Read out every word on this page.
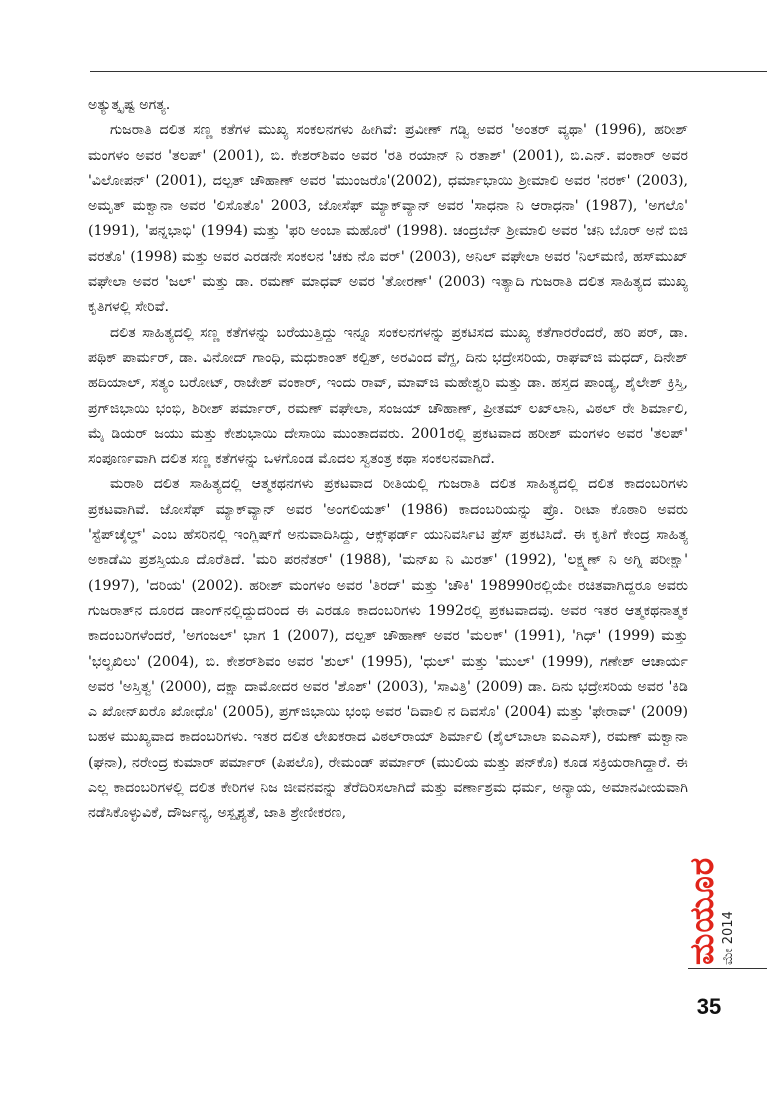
ಅತ್ಯುತ್ಕೃಷ್ಟ ಅಗತ್ಯ.

ಗುಜರಾತಿ ದಲಿತ ಸಣ್ಣ ಕತೆಗಳ ಮುಖ್ಯ ಸಂಕಲನಗಳು ಹೀಗಿವೆ: ಪ್ರವೀಣ್ ಗಡ್ವಿ ಅವರ 'ಅಂತರ್ ವ್ಯಥಾ' (1996), ಹರೀಶ್ ಮಂಗಳಂ ಅವರ 'ತಲಪ್' (2001), ಬಿ. ಕೇಶರ್‌ಶಿವಂ ಅವರ 'ರತಿ ರಯಾನ್ ನಿ ರತಾಶ್' (2001), ಬಿ.ಎನ್. ವಂಕಾರ್ ಅವರ 'ವಿಲೋಪನ್' (2001), ದಲ್ಪತ್ ಚೌಹಾಣ್ ಅವರ 'ಮುಂಜರೊ'(2002), ಧರ್ಮಾಭಾಯಿ ಶ್ರೀಮಾಲಿ ಅವರ 'ನರಕ್' (2003), ಅಮೃತ್ ಮಕ್ವಾನಾ ಅವರ 'ಲಿಸೊತೊ' 2003, ಜೋಸೆಫ್ ಮ್ಯಾಕ್‌ವ್ಯಾನ್ ಅವರ 'ಸಾಧನಾ ನಿ ಆರಾಧನಾ' (1987), 'ಅಗಲೊ' (1991), 'ಪನ್ನಭಾಭಿ' (1994) ಮತ್ತು 'ಫರಿ ಅಂಬಾ ಮಹೊರೆ' (1998). ಚಂದ್ರಬೆನ್ ಶ್ರೀಮಾಲಿ ಅವರ 'ಚನಿ ಬೊರ್ ಅನೆ ಬಿಜಿ ವರತೊ' (1998) ಮತ್ತು ಅವರ ಎರಡನೇ ಸಂಕಲನ 'ಚಕು ನೊ ವರ್' (2003), ಅನಿಲ್ ವಘೇಲಾ ಅವರ 'ನಿಲ್‌ಮಣಿ, ಹಸ್‌ಮುಖ್ ವಘೇಲಾ ಅವರ 'ಜಲ್' ಮತ್ತು ಡಾ. ರಮಣ್ ಮಾಧವ್ ಅವರ 'ತೋರಣ್' (2003) ಇತ್ಯಾದಿ ಗುಜರಾತಿ ದಲಿತ ಸಾಹಿತ್ಯದ ಮುಖ್ಯ ಕೃತಿಗಳಲ್ಲಿ ಸೇರಿವೆ.

ದಲಿತ ಸಾಹಿತ್ಯದಲ್ಲಿ ಸಣ್ಣ ಕತೆಗಳನ್ನು ಬರೆಯುತ್ತಿದ್ದು ಇನ್ನೂ ಸಂಕಲನಗಳನ್ನು ಪ್ರಕಟಿಸದ ಮುಖ್ಯ ಕತೆಗಾರರೆಂದರೆ, ಹರಿ ಪರ್, ಡಾ. ಪಥಿಕ್ ಪಾರ್ಮರ್, ಡಾ. ವಿನೋದ್ ಗಾಂಧಿ, ಮಧುಕಾಂತ್ ಕಲ್ಪಿತ್, ಅರವಿಂದ ವೆಗ್ದ, ದಿನು ಭದ್ರೇಸರಿಯ, ರಾಘವ್‌ಜಿ ಮಧದ್, ದಿನೇಶ್ ಹದಿಯಾಲ್, ಸತ್ಯಂ ಬರೋಟ್, ರಾಜೇಶ್ ವಂಕಾರ್, ಇಂದು ರಾವ್, ಮಾವ್‌ಜಿ ಮಹೇಶ್ವರಿ ಮತ್ತು ಡಾ. ಹಸ್ತದ ಪಾಂಡ್ಯ, ಶೈಲೇಶ್ ಕ್ರಿಸ್ತಿ, ಪ್ರಗ್‌ಜಿಭಾಯಿ ಭಂಭಿ, ಶಿರೀಶ್ ಪರ್ಮಾರ್, ರಮಣ್ ವಘೇಲಾ, ಸಂಜಯ್ ಚೌಹಾಣ್, ಪ್ರೀತಮ್ ಲಖ್‌ಲಾನಿ, ವಿಠಲ್ ರೇ ಶಿರ್ಮಾಲಿ, ಮೈ ಡಿಯರ್ ಜಯು ಮತ್ತು ಕೇಶುಭಾಯಿ ದೇಸಾಯಿ ಮುಂತಾದವರು. 2001ರಲ್ಲಿ ಪ್ರಕಟವಾದ ಹರೀಶ್ ಮಂಗಳಂ ಅವರ 'ತಲಪ್' ಸಂಪೂರ್ಣವಾಗಿ ದಲಿತ ಸಣ್ಣ ಕತೆಗಳನ್ನು ಒಳಗೊಂಡ ಮೊದಲ ಸ್ವತಂತ್ರ ಕಥಾ ಸಂಕಲನವಾಗಿದೆ.

ಮರಾಠಿ ದಲಿತ ಸಾಹಿತ್ಯದಲ್ಲಿ ಆತ್ಮಕಥನಗಳು ಪ್ರಕಟವಾದ ರೀತಿಯಲ್ಲಿ ಗುಜರಾತಿ ದಲಿತ ಸಾಹಿತ್ಯದಲ್ಲಿ ದಲಿತ ಕಾದಂಬರಿಗಳು ಪ್ರಕಟವಾಗಿವೆ. ಜೋಸೆಫ್ ಮ್ಯಾಕ್‌ವ್ಯಾನ್ ಅವರ 'ಅಂಗಲಿಯತ್' (1986) ಕಾದಂಬರಿಯನ್ನು ಪ್ರೊ. ರೀಟಾ ಕೊಠಾರಿ ಅವರು 'ಸ್ಟೆಪ್‌ಚೈಲ್ಡ್' ಎಂಬ ಹೆಸರಿನಲ್ಲಿ ಇಂಗ್ಲಿಷ್‌ಗೆ ಅನುವಾದಿಸಿದ್ದು, ಆಕ್ಸ್‌ಫರ್ಡ್ ಯುನಿವರ್ಸಿಟಿ ಪ್ರೆಸ್ ಪ್ರಕಟಿಸಿದೆ. ಈ ಕೃತಿಗೆ ಕೇಂದ್ರ ಸಾಹಿತ್ಯ ಅಕಾಡೆಮಿ ಪ್ರಶಸ್ತಿಯೂ ದೊರೆತಿದೆ. 'ಮರಿ ಪರನೆತರ್' (1988), 'ಮನ್‌ಖ ನಿ ಮಿರತ್' (1992), 'ಲಕ್ಷ್ಮಣ್ ನಿ ಅಗ್ನಿ ಪರೀಕ್ಷಾ' (1997), 'ದರಿಯ' (2002). ಹರೀಶ್ ಮಂಗಳಂ ಅವರ 'ತಿರದ್' ಮತ್ತು 'ಚೌಕಿ' 198990ರಲ್ಲಿಯೇ ರಚಿತವಾಗಿದ್ದರೂ ಅವರು ಗುಜರಾತ್‌ನ ದೂರದ ಡಾಂಗ್‌ನಲ್ಲಿದ್ದುದರಿಂದ ಈ ಎರಡೂ ಕಾದಂಬರಿಗಳು 1992ರಲ್ಲಿ ಪ್ರಕಟವಾದವು. ಅವರ ಇತರ ಆತ್ಮಕಥನಾತ್ಮಕ ಕಾದಂಬರಿಗಳೆಂದರೆ, 'ಅಗಂಜಲ್' ಭಾಗ 1 (2007), ದಲ್ಪತ್ ಚೌಹಾಣ್ ಅವರ 'ಮಲಕ್' (1991), 'ಗಿಧ್' (1999) ಮತ್ತು 'ಭಲ್ಖಖಿಲು' (2004), ಬಿ. ಕೇಶರ್‌ಶಿವಂ ಅವರ 'ಶುಲ್' (1995), 'ಧುಲ್' ಮತ್ತು 'ಮುಲ್' (1999), ಗಣೇಶ್ ಆಚಾರ್ಯ ಅವರ 'ಅಸ್ತಿತ್ವ' (2000), ದಕ್ಷಾ ದಾಮೋದರ ಅವರ 'ಶೊಶ್' (2003), 'ಸಾವಿತ್ರಿ' (2009) ಡಾ. ದಿನು ಭದ್ರೇಸರಿಯ ಅವರ 'ಕಿಡಿ ಎ ಖೋನ್‌ಖರೊ ಖೋಧೊ' (2005), ಪ್ರಗ್‌ಜಿಭಾಯಿ ಭಂಭಿ ಅವರ 'ದಿವಾಲಿ ನ ದಿವಸೊ' (2004) ಮತ್ತು 'ಫೇರಾವ್' (2009) ಬಹಳ ಮುಖ್ಯವಾದ ಕಾದಂಬರಿಗಳು. ಇತರ ದಲಿತ ಲೇಖಕರಾದ ವಿಠಲ್‌ರಾಯ್ ಶಿರ್ಮಾಲಿ (ಶೈಲ್‌ಬಾಲಾ ಐಎಎಸ್), ರಮಣ್ ಮಕ್ವಾನಾ (ಘನಾ), ನರೇಂದ್ರ ಕುಮಾರ್ ಪರ್ಮಾರ್ (ಪಿಪಲೊ), ರೇಮಂಡ್ ಪರ್ಮಾರ್ (ಮುಲಿಯ ಮತ್ತು ಪನ್‌ಕೊ) ಕೂಡ ಸಕ್ರಿಯರಾಗಿದ್ದಾರೆ. ಈ ಎಲ್ಲ ಕಾದಂಬರಿಗಳಲ್ಲಿ ದಲಿತ ಕೇರಿಗಳ ನಿಜ ಜೀವನವನ್ನು ತೆರೆದಿರಿಸಲಾಗಿದೆ ಮತ್ತು ವರ್ಣಾಶ್ರಮ ಧರ್ಮ, ಅನ್ಯಾಯ, ಅಮಾನವೀಯವಾಗಿ ನಡೆಸಿಕೊಳ್ಳುವಿಕೆ, ದೌರ್ಜನ್ಯ, ಅಸ್ಪೃಶ್ಯತೆ, ಜಾತಿ ಶ್ರೇಣೀಕರಣ,

ಮಯೂರ ಮೇ 2014
35
